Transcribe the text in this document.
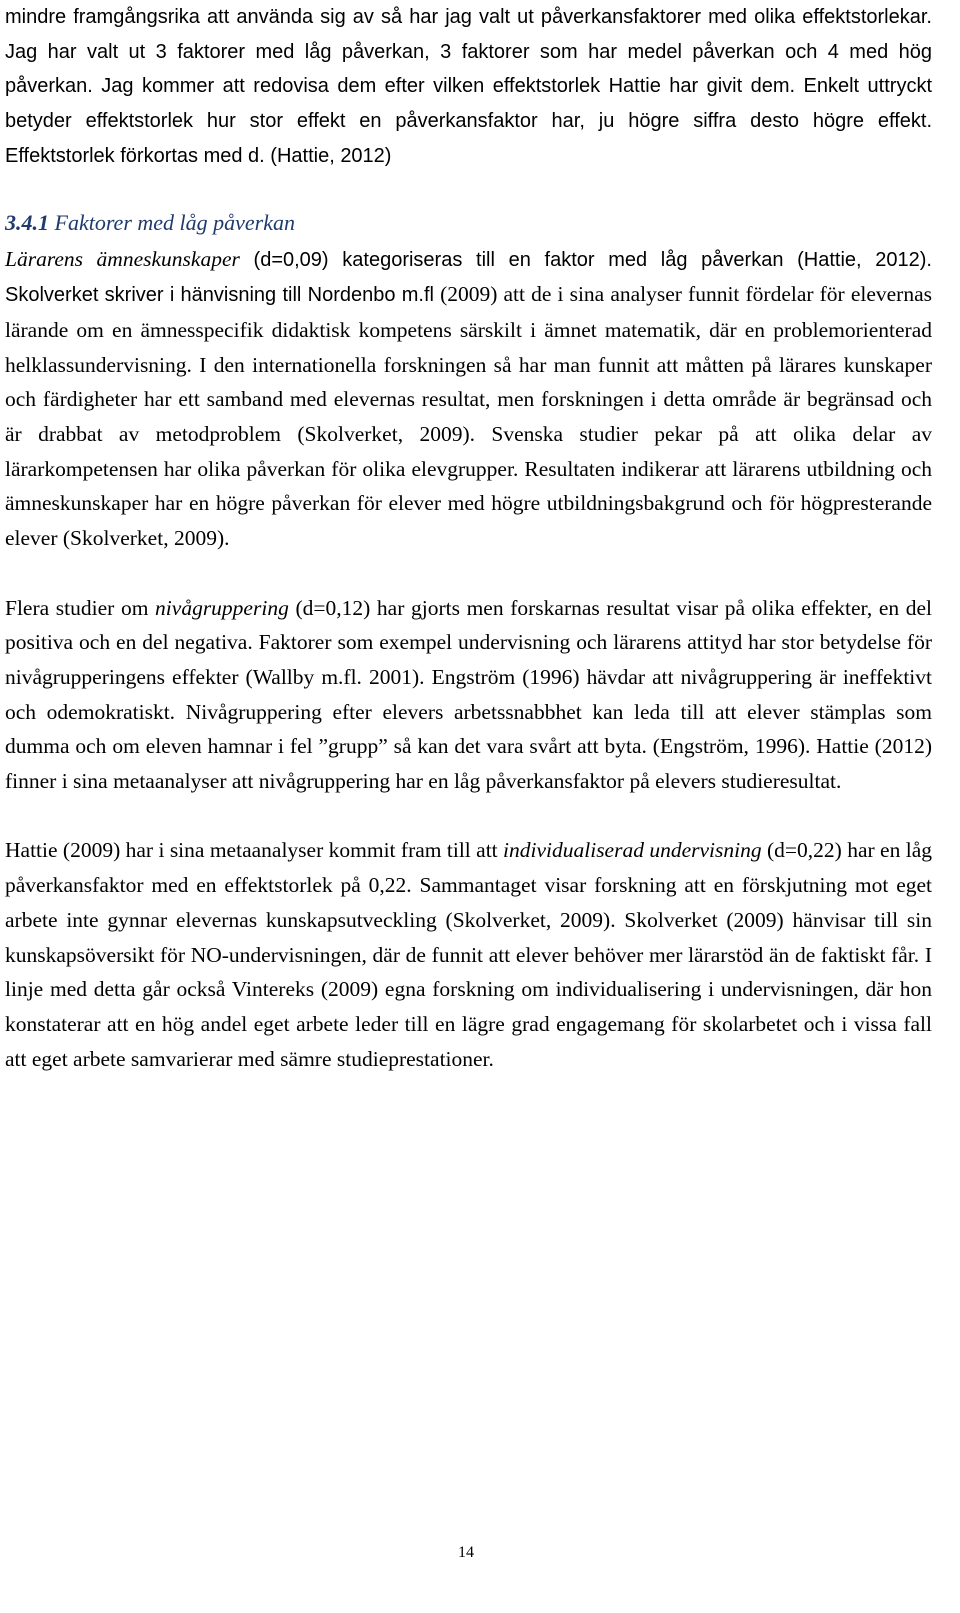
mindre framgångsrika att använda sig av så har jag valt ut påverkansfaktorer med olika effektstorlekar. Jag har valt ut 3 faktorer med låg påverkan, 3 faktorer som har medel påverkan och 4 med hög påverkan. Jag kommer att redovisa dem efter vilken effektstorlek Hattie har givit dem. Enkelt uttryckt betyder effektstorlek hur stor effekt en påverkansfaktor har, ju högre siffra desto högre effekt. Effektstorlek förkortas med d. (Hattie, 2012)

3.4.1 Faktorer med låg påverkan

Lärarens ämneskunskaper (d=0,09) kategoriseras till en faktor med låg påverkan (Hattie, 2012). Skolverket skriver i hänvisning till Nordenbo m.fl (2009) att de i sina analyser funnit fördelar för elevernas lärande om en ämnesspecifik didaktisk kompetens särskilt i ämnet matematik, där en problemorienterad helklassundervisning. I den internationella forskningen så har man funnit att måtten på lärares kunskaper och färdigheter har ett samband med elevernas resultat, men forskningen i detta område är begränsad och är drabbat av metodproblem (Skolverket, 2009). Svenska studier pekar på att olika delar av lärarkompetensen har olika påverkan för olika elevgrupper. Resultaten indikerar att lärarens utbildning och ämneskunskaper har en högre påverkan för elever med högre utbildningsbakgrund och för högpresterande elever (Skolverket, 2009).

Flera studier om nivågruppering (d=0,12) har gjorts men forskarnas resultat visar på olika effekter, en del positiva och en del negativa. Faktorer som exempel undervisning och lärarens attityd har stor betydelse för nivågrupperingens effekter (Wallby m.fl. 2001). Engström (1996) hävdar att nivågruppering är ineffektivt och odemokratiskt. Nivågruppering efter elevers arbetssnabbhet kan leda till att elever stämplas som dumma och om eleven hamnar i fel ”grupp” så kan det vara svårt att byta. (Engström, 1996). Hattie (2012) finner i sina metaanalyser att nivågruppering har en låg påverkansfaktor på elevers studieresultat.

Hattie (2009) har i sina metaanalyser kommit fram till att individualiserad undervisning (d=0,22) har en låg påverkansfaktor med en effektstorlek på 0,22. Sammantaget visar forskning att en förskjutning mot eget arbete inte gynnar elevernas kunskapsutveckling (Skolverket, 2009). Skolverket (2009) hänvisar till sin kunskapsöversikt för NO-undervisningen, där de funnit att elever behöver mer lärarstöd än de faktiskt får. I linje med detta går också Vintereks (2009) egna forskning om individualisering i undervisningen, där hon konstaterar att en hög andel eget arbete leder till en lägre grad engagemang för skolarbetet och i vissa fall att eget arbete samvarierar med sämre studieprestationer.

14
